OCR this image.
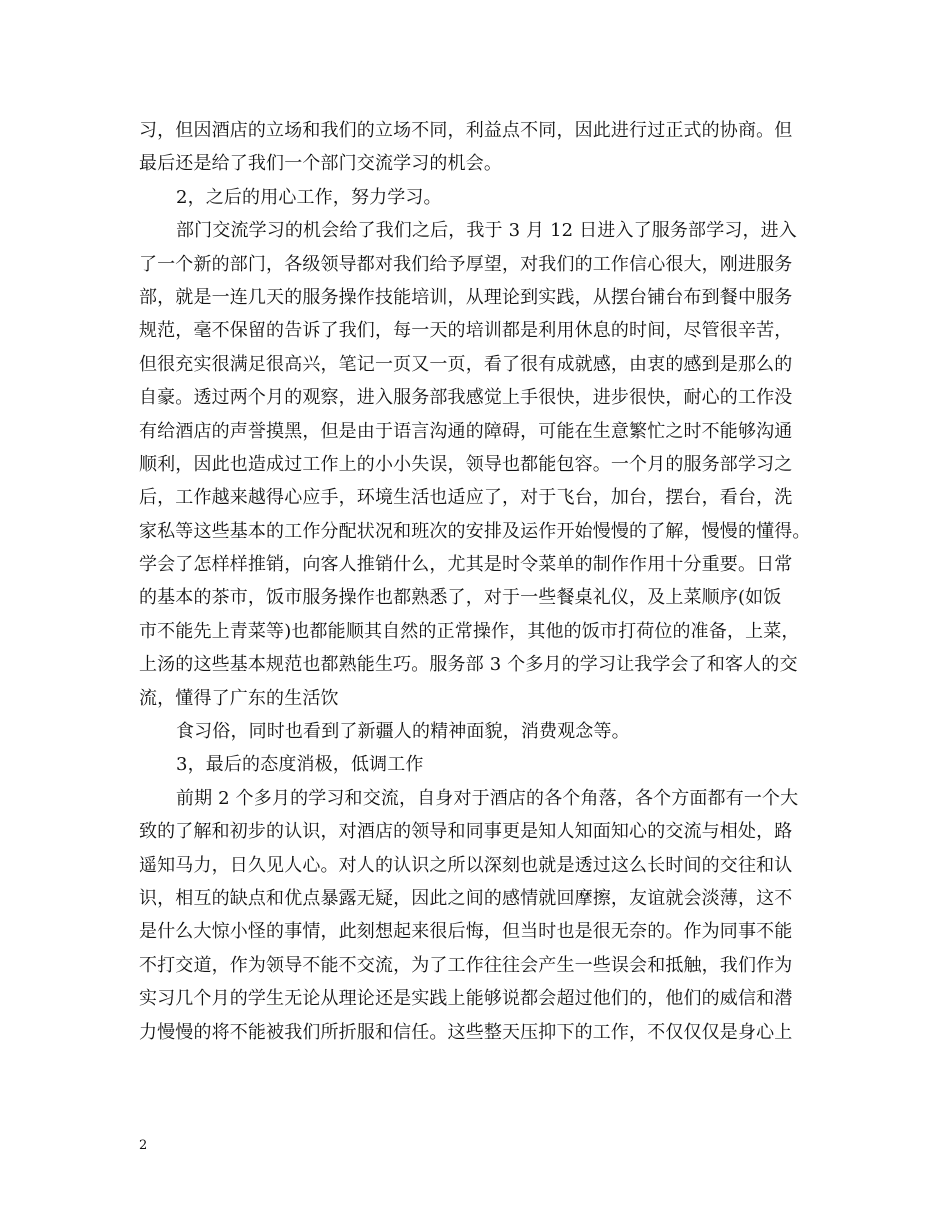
习，但因酒店的立场和我们的立场不同，利益点不同，因此进行过正式的协商。但
最后还是给了我们一个部门交流学习的机会。
2，之后的用心工作，努力学习。
部门交流学习的机会给了我们之后，我于 3 月 12 日进入了服务部学习，进入
了一个新的部门，各级领导都对我们给予厚望，对我们的工作信心很大，刚进服务
部，就是一连几天的服务操作技能培训，从理论到实践，从摆台铺台布到餐中服务
规范，毫不保留的告诉了我们，每一天的培训都是利用休息的时间，尽管很辛苦，
但很充实很满足很高兴，笔记一页又一页，看了很有成就感，由衷的感到是那么的
自豪。透过两个月的观察，进入服务部我感觉上手很快，进步很快，耐心的工作没
有给酒店的声誉摸黑，但是由于语言沟通的障碍，可能在生意繁忙之时不能够沟通
顺利，因此也造成过工作上的小小失误，领导也都能包容。一个月的服务部学习之
后，工作越来越得心应手，环境生活也适应了，对于飞台，加台，摆台，看台，洗
家私等这些基本的工作分配状况和班次的安排及运作开始慢慢的了解，慢慢的懂得。
学会了怎样样推销，向客人推销什么，尤其是时令菜单的制作作用十分重要。日常
的基本的茶市，饭市服务操作也都熟悉了，对于一些餐桌礼仪，及上菜顺序(如饭
市不能先上青菜等)也都能顺其自然的正常操作，其他的饭市打荷位的准备，上菜，
上汤的这些基本规范也都熟能生巧。服务部 3 个多月的学习让我学会了和客人的交
流，懂得了广东的生活饮
食习俗，同时也看到了新疆人的精神面貌，消费观念等。
3，最后的态度消极，低调工作
前期 2 个多月的学习和交流，自身对于酒店的各个角落，各个方面都有一个大
致的了解和初步的认识，对酒店的领导和同事更是知人知面知心的交流与相处，路
遥知马力，日久见人心。对人的认识之所以深刻也就是透过这么长时间的交往和认
识，相互的缺点和优点暴露无疑，因此之间的感情就回摩擦，友谊就会淡薄，这不
是什么大惊小怪的事情，此刻想起来很后悔，但当时也是很无奈的。作为同事不能
不打交道，作为领导不能不交流，为了工作往往会产生一些误会和抵触，我们作为
实习几个月的学生无论从理论还是实践上能够说都会超过他们的，他们的威信和潜
力慢慢的将不能被我们所折服和信任。这些整天压抑下的工作，不仅仅仅是身心上
2
